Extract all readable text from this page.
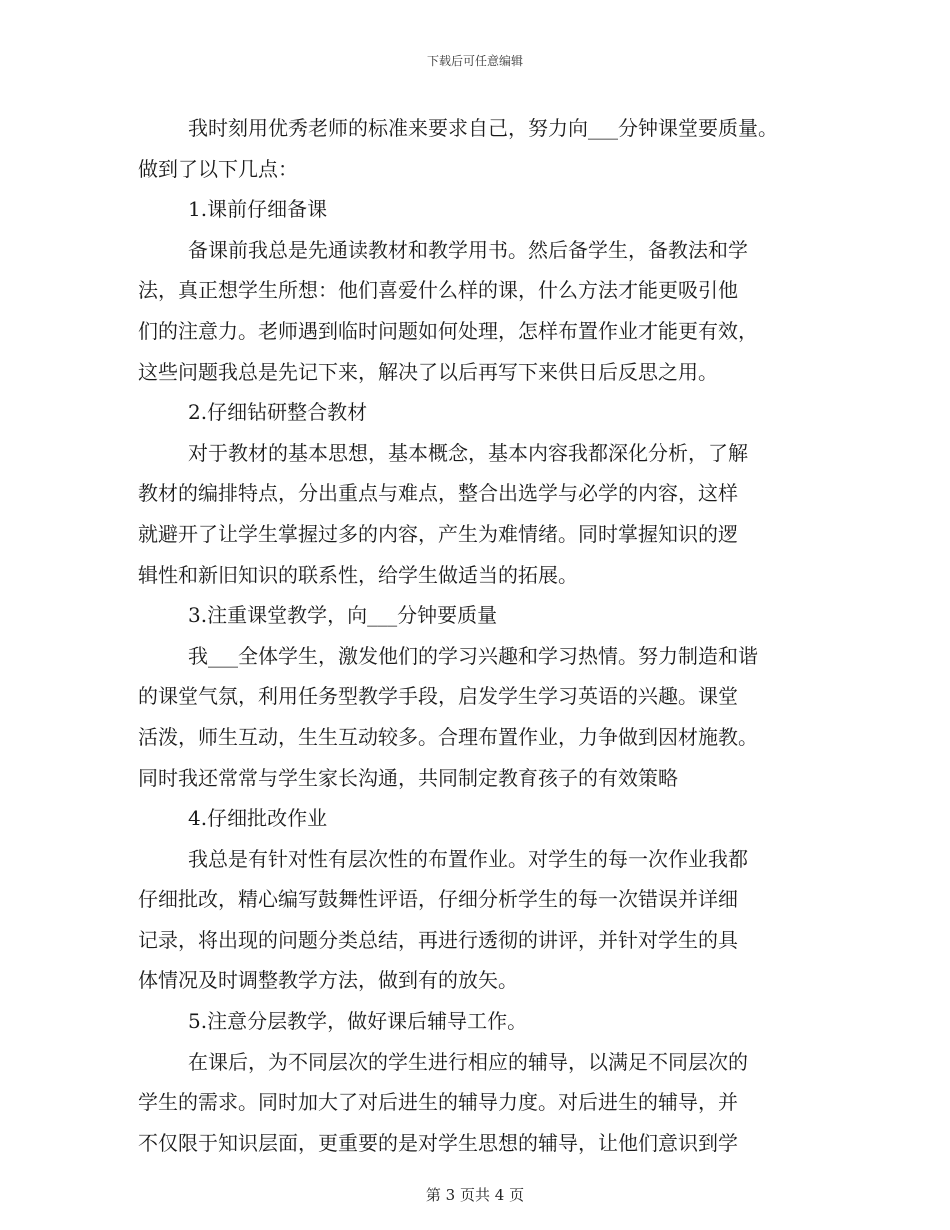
下载后可任意编辑
我时刻用优秀老师的标准来要求自己，努力向___分钟课堂要质量。
做到了以下几点：
1.课前仔细备课
备课前我总是先通读教材和教学用书。然后备学生，备教法和学
法，真正想学生所想：他们喜爱什么样的课，什么方法才能更吸引他
们的注意力。老师遇到临时问题如何处理，怎样布置作业才能更有效，
这些问题我总是先记下来，解决了以后再写下来供日后反思之用。
2.仔细钻研整合教材
对于教材的基本思想，基本概念，基本内容我都深化分析，了解
教材的编排特点，分出重点与难点，整合出选学与必学的内容，这样
就避开了让学生掌握过多的内容，产生为难情绪。同时掌握知识的逻
辑性和新旧知识的联系性，给学生做适当的拓展。
3.注重课堂教学，向___分钟要质量
我___全体学生，激发他们的学习兴趣和学习热情。努力制造和谐
的课堂气氛，利用任务型教学手段，启发学生学习英语的兴趣。课堂
活泼，师生互动，生生互动较多。合理布置作业，力争做到因材施教。
同时我还常常与学生家长沟通，共同制定教育孩子的有效策略
4.仔细批改作业
我总是有针对性有层次性的布置作业。对学生的每一次作业我都
仔细批改，精心编写鼓舞性评语，仔细分析学生的每一次错误并详细
记录，将出现的问题分类总结，再进行透彻的讲评，并针对学生的具
体情况及时调整教学方法，做到有的放矢。
5.注意分层教学，做好课后辅导工作。
在课后，为不同层次的学生进行相应的辅导，以满足不同层次的
学生的需求。同时加大了对后进生的辅导力度。对后进生的辅导，并
不仅限于知识层面，更重要的是对学生思想的辅导，让他们意识到学
第 3 页共 4 页
